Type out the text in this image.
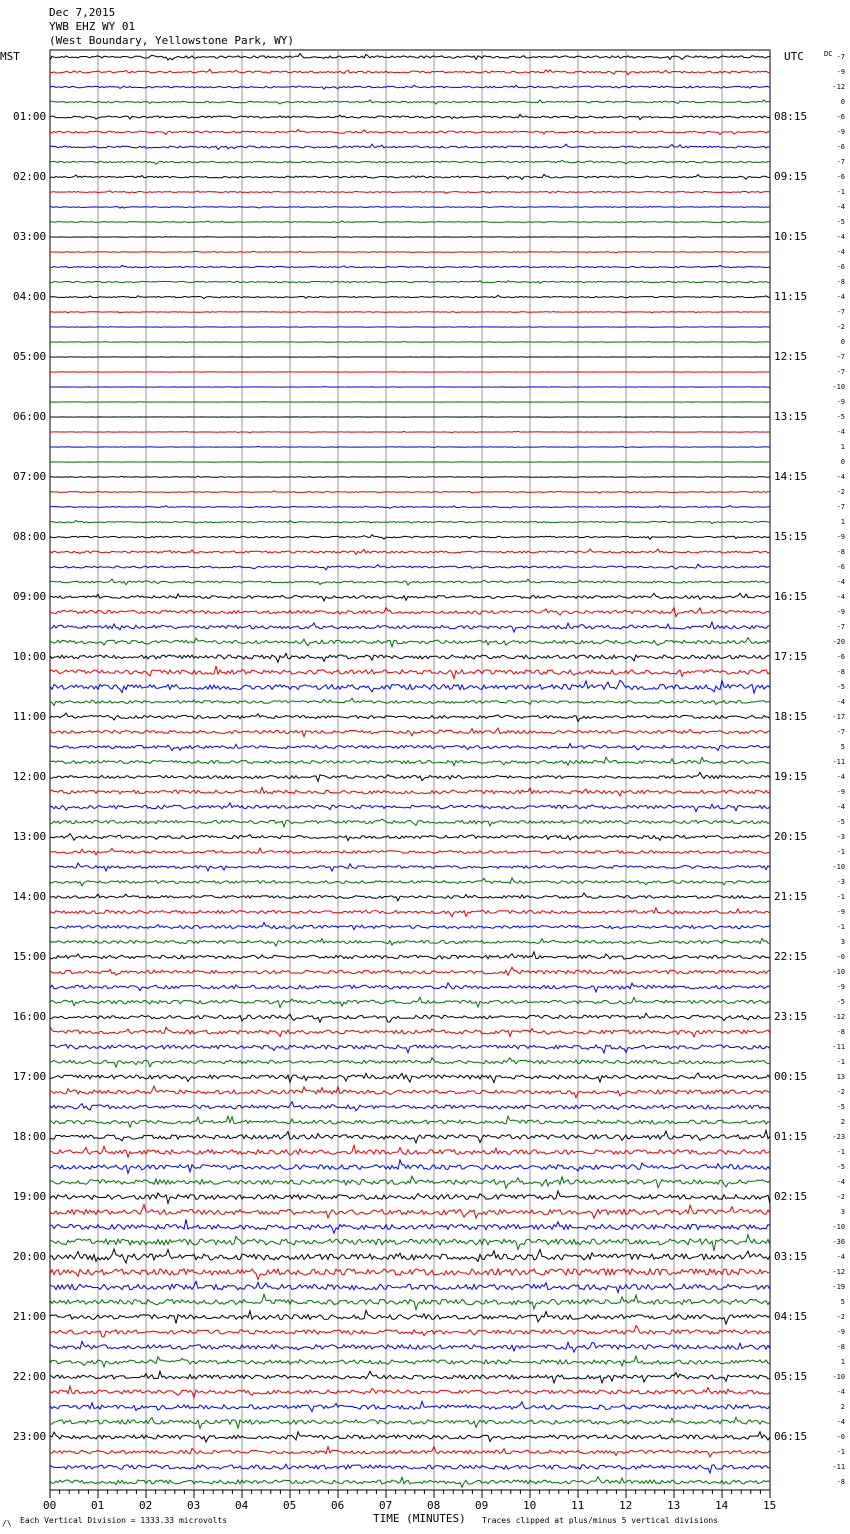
Dec 7,2015
YWB EHZ WY 01
(West Boundary, Yellowstone Park, WY)
MST	UTC	DC
01:00
02:00
03:00
04:00
05:00
06:00
07:00
08:00
09:00
10:00
11:00
12:00
13:00
14:00
15:00
16:00
17:00
18:00
19:00
20:00
21:00
22:00
23:00
08:15
09:15
10:15
11:15
12:15
13:15
14:15
15:15
16:15
17:15
18:15
19:15
20:15
21:15
22:15
23:15
00:15
01:15
02:15
03:15
04:15
05:15
06:15
-7
-9
-12
0
-6
-9
-6
-7
-6
-1
-4
-5
-4
-4
-6
-8
-4
-7
-2
0
-7
-7
-10
-9
-5
-4
1
0
-4
-2
-7
1
-9
-8
-6
-4
-4
-9
-7
-20
-6
-8
-5
-4
-17
-7
5
-11
-4
-9
-4
-5
-3
-1
-10
-3
-1
-9
-1
3
-0
-10
-9
-5
-12
-8
-11
-1
13
-2
-5
2
-23
-1
-5
-4
-2
3
-10
-36
-4
-12
-19
5
-2
-9
-8
1
-10
-4
2
-4
-0
-1
-11
-8
00	01	02	03	04	05	06	07	08	09	10	11	12	13	14	15
/\ Each Vertical Division = 1333.33 microvolts	TIME (MINUTES) Traces clipped at plus/minus 5 vertical divisions
